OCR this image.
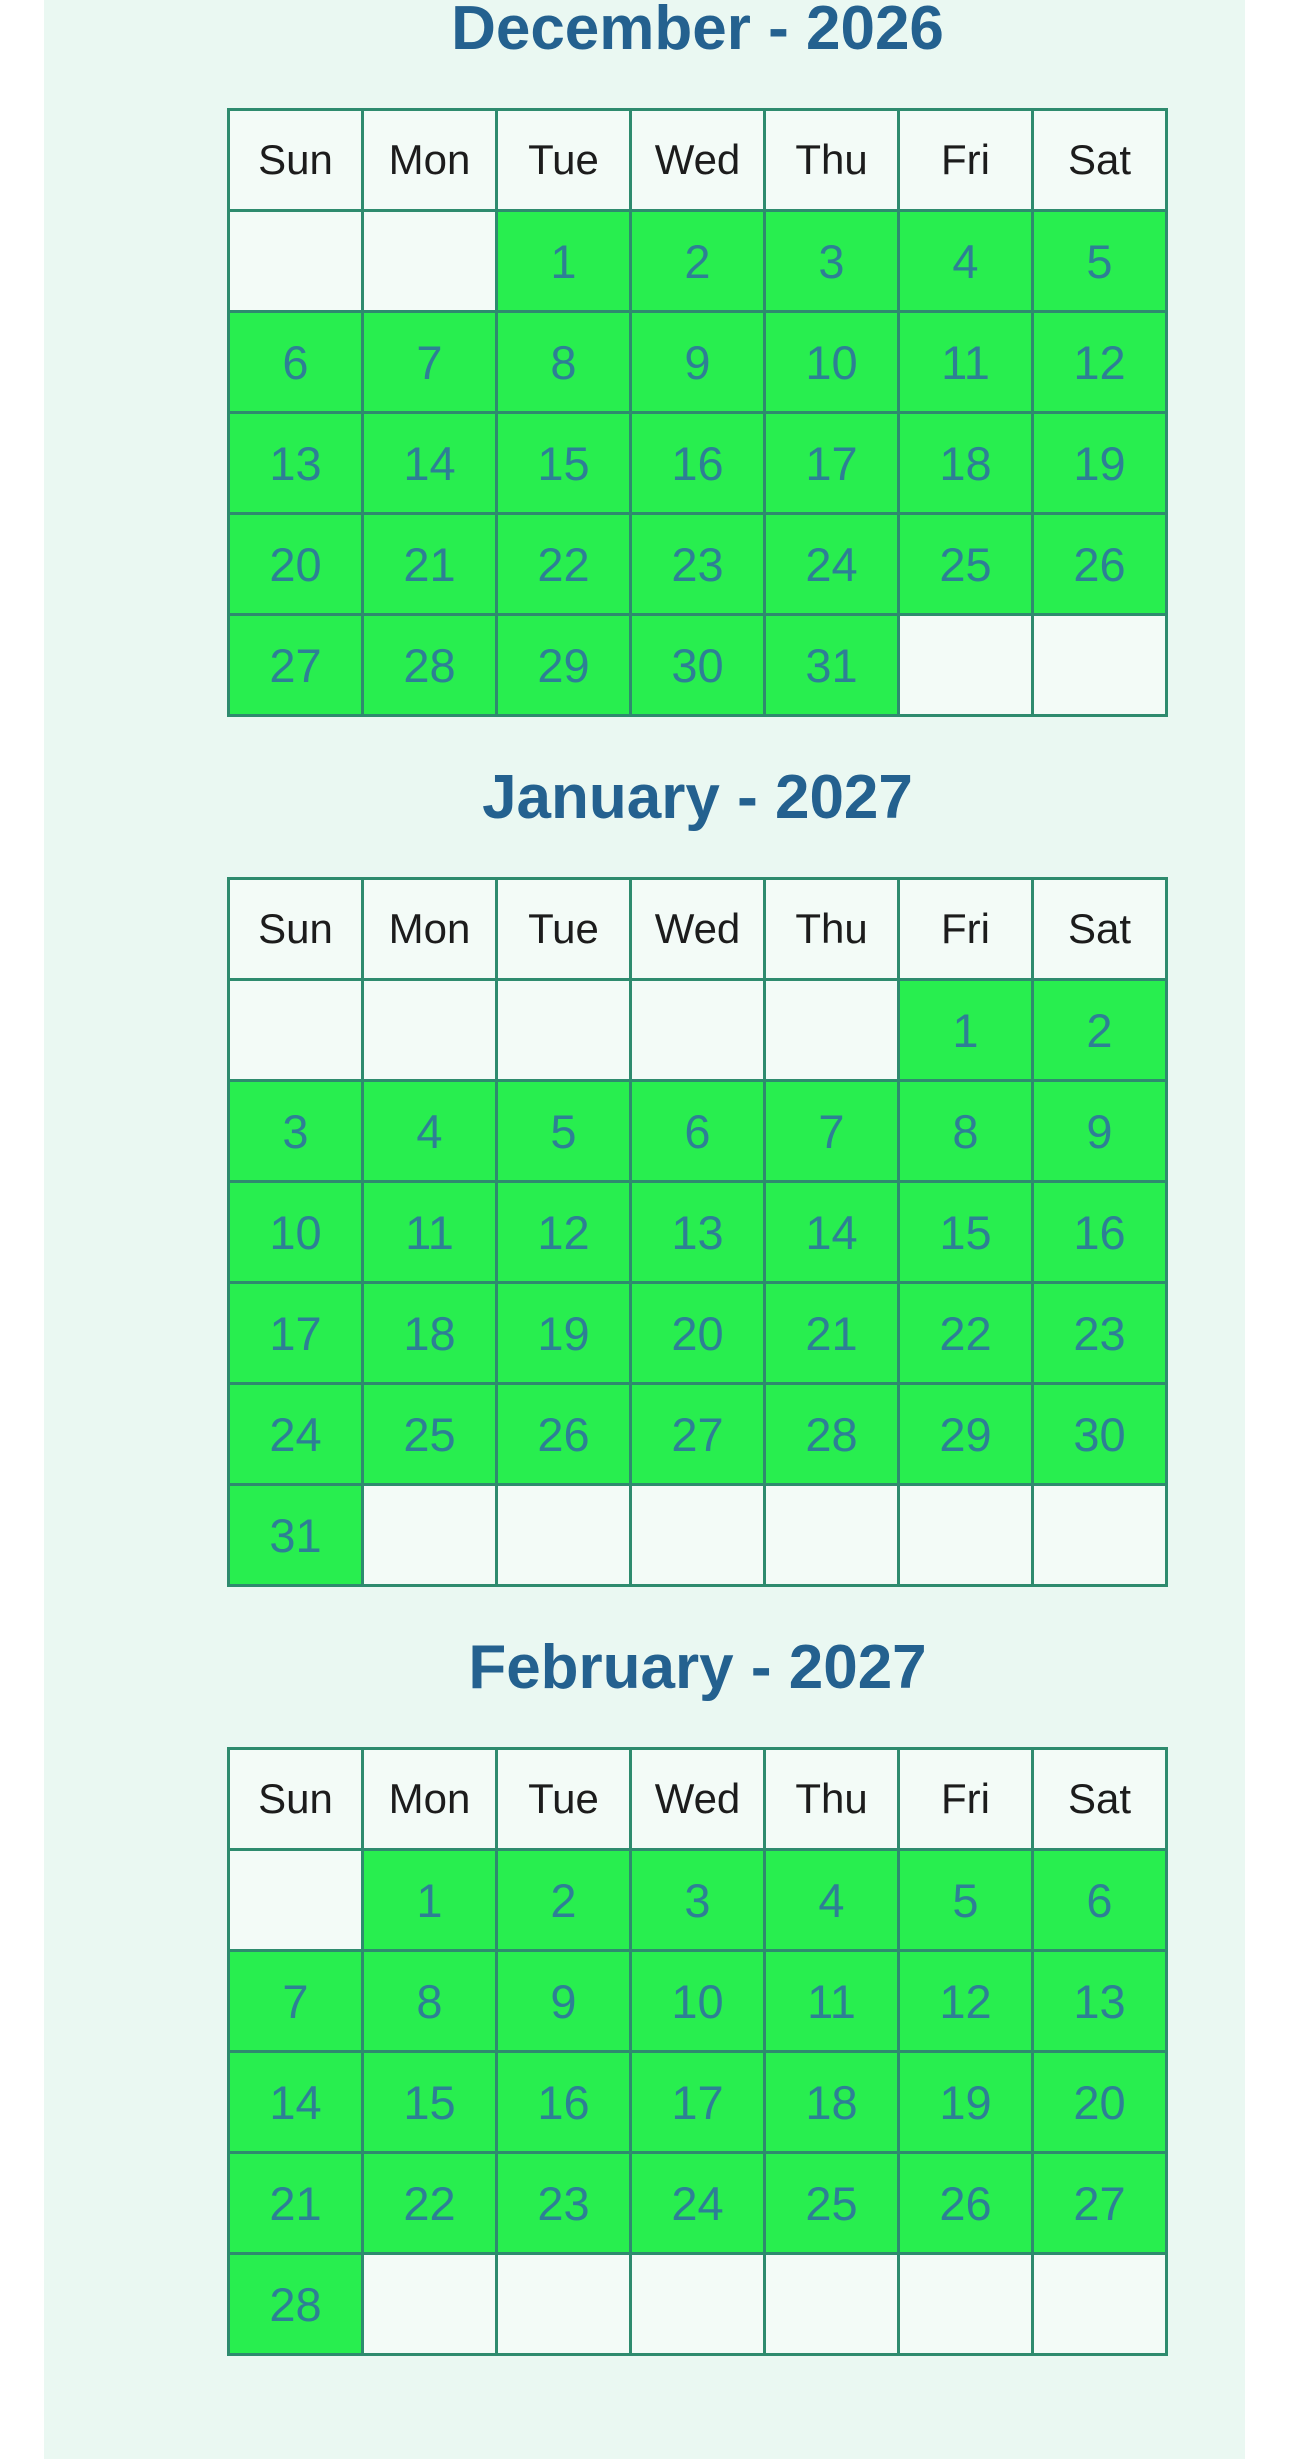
December - 2026
Sun	Mon	Tue	Wed	Thu	Fri	Sat
		1	2	3	4	5
6	7	8	9	10	11	12
13	14	15	16	17	18	19
20	21	22	23	24	25	26
27	28	29	30	31		
January - 2027
Sun	Mon	Tue	Wed	Thu	Fri	Sat
					1	2
3	4	5	6	7	8	9
10	11	12	13	14	15	16
17	18	19	20	21	22	23
24	25	26	27	28	29	30
31						
February - 2027
Sun	Mon	Tue	Wed	Thu	Fri	Sat
	1	2	3	4	5	6
7	8	9	10	11	12	13
14	15	16	17	18	19	20
21	22	23	24	25	26	27
28						
